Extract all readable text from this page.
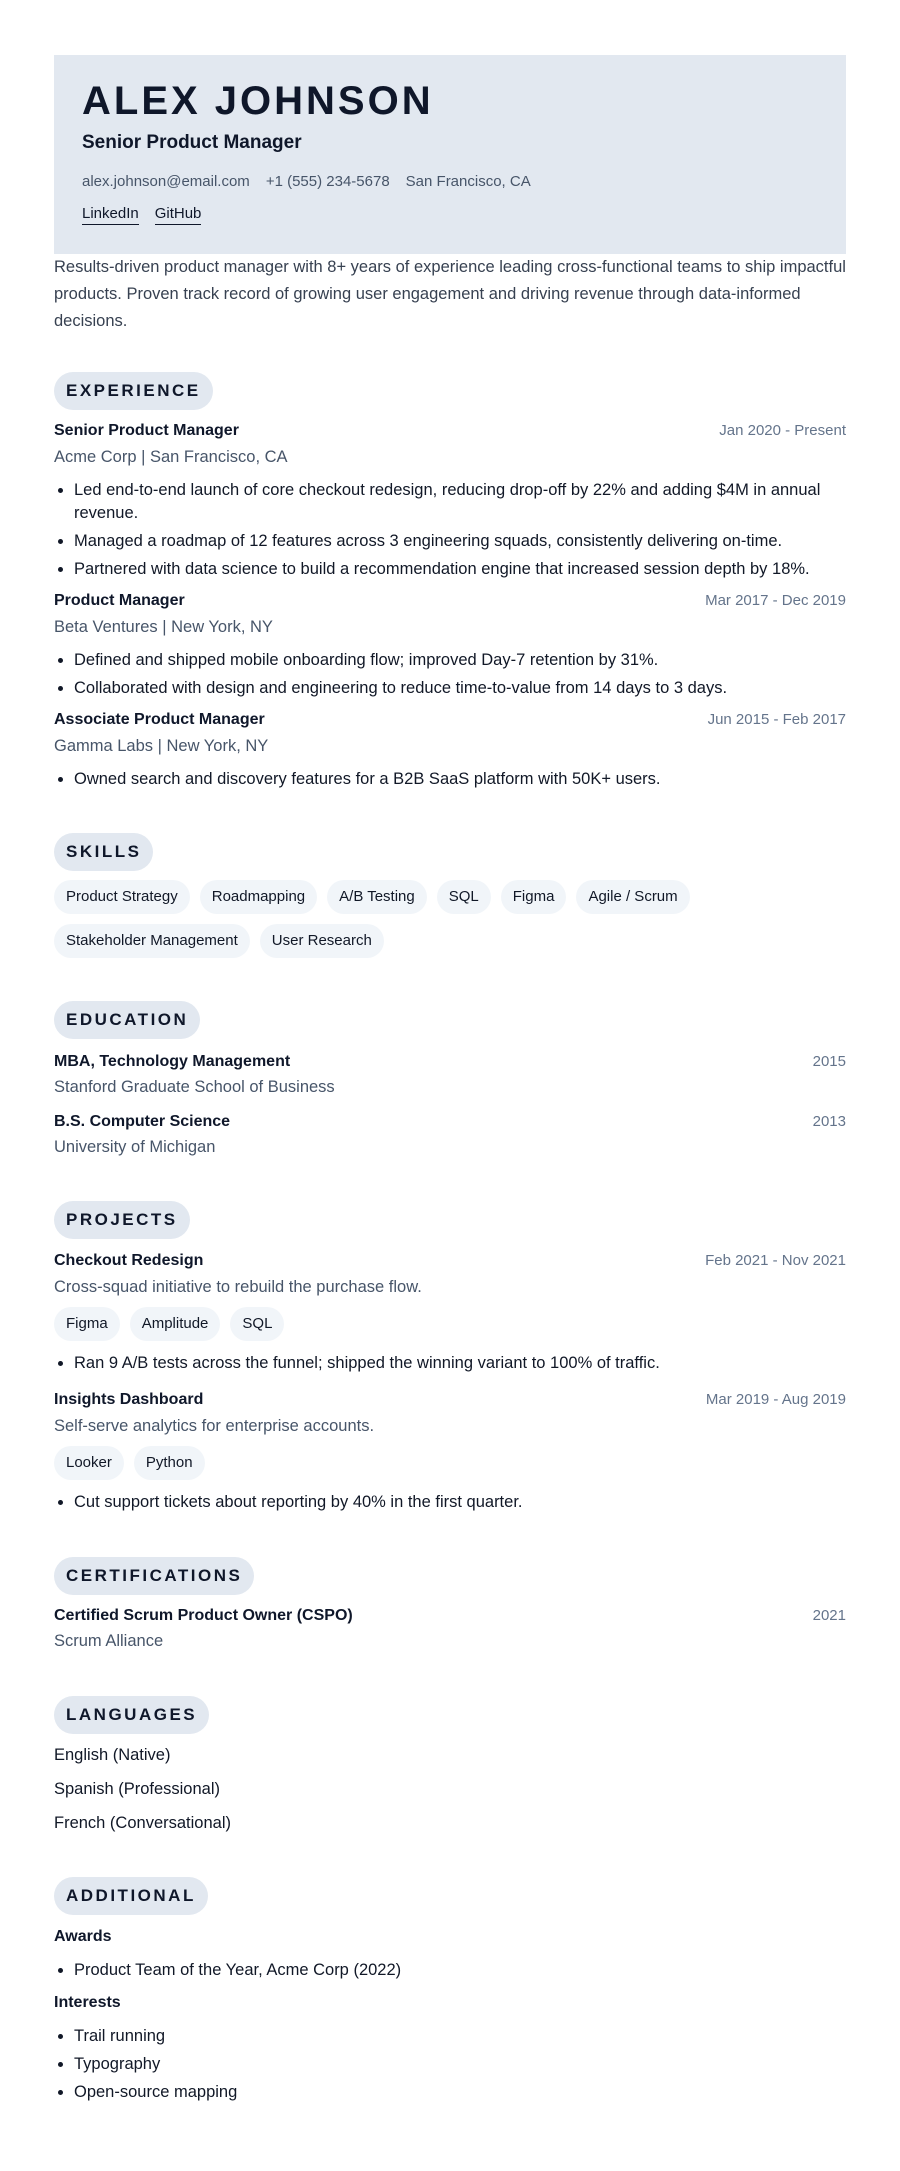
ALEX JOHNSON
Senior Product Manager
alex.johnson@email.com +1 (555) 234-5678 San Francisco, CA
LinkedIn GitHub

Results-driven product manager with 8+ years of experience leading cross-functional teams to ship impactful products. Proven track record of growing user engagement and driving revenue through data-informed decisions.

EXPERIENCE
Senior Product Manager	Jan 2020 - Present

Acme Corp | San Francisco, CA

• Led end-to-end launch of core checkout redesign, reducing drop-off by 22% and adding $4M in annual revenue.
• Managed a roadmap of 12 features across 3 engineering squads, consistently delivering on-time.
• Partnered with data science to build a recommendation engine that increased session depth by 18%.
Product Manager	Mar 2017 - Dec 2019

Beta Ventures | New York, NY

• Defined and shipped mobile onboarding flow; improved Day-7 retention by 31%.
• Collaborated with design and engineering to reduce time-to-value from 14 days to 3 days.
Associate Product Manager	Jun 2015 - Feb 2017

Gamma Labs | New York, NY

• Owned search and discovery features for a B2B SaaS platform with 50K+ users.
SKILLS
Product Strategy	Roadmapping	A/B Testing	SQL	Figma	Agile / Scrum
Stakeholder Management	User Research
EDUCATION
MBA, Technology Management	2015

Stanford Graduate School of Business

B.S. Computer Science	2013

University of Michigan

PROJECTS
Checkout Redesign	Feb 2021 - Nov 2021

Cross-squad initiative to rebuild the purchase flow.

Figma	Amplitude	SQL
• Ran 9 A/B tests across the funnel; shipped the winning variant to 100% of traffic.
Insights Dashboard	Mar 2019 - Aug 2019

Self-serve analytics for enterprise accounts.

Looker	Python
• Cut support tickets about reporting by 40% in the first quarter.
CERTIFICATIONS
Certified Scrum Product Owner (CSPO)	2021

Scrum Alliance

LANGUAGES

English (Native)

Spanish (Professional)

French (Conversational)

ADDITIONAL

Awards

• Product Team of the Year, Acme Corp (2022)

Interests

• Trail running
• Typography
• Open-source mapping
